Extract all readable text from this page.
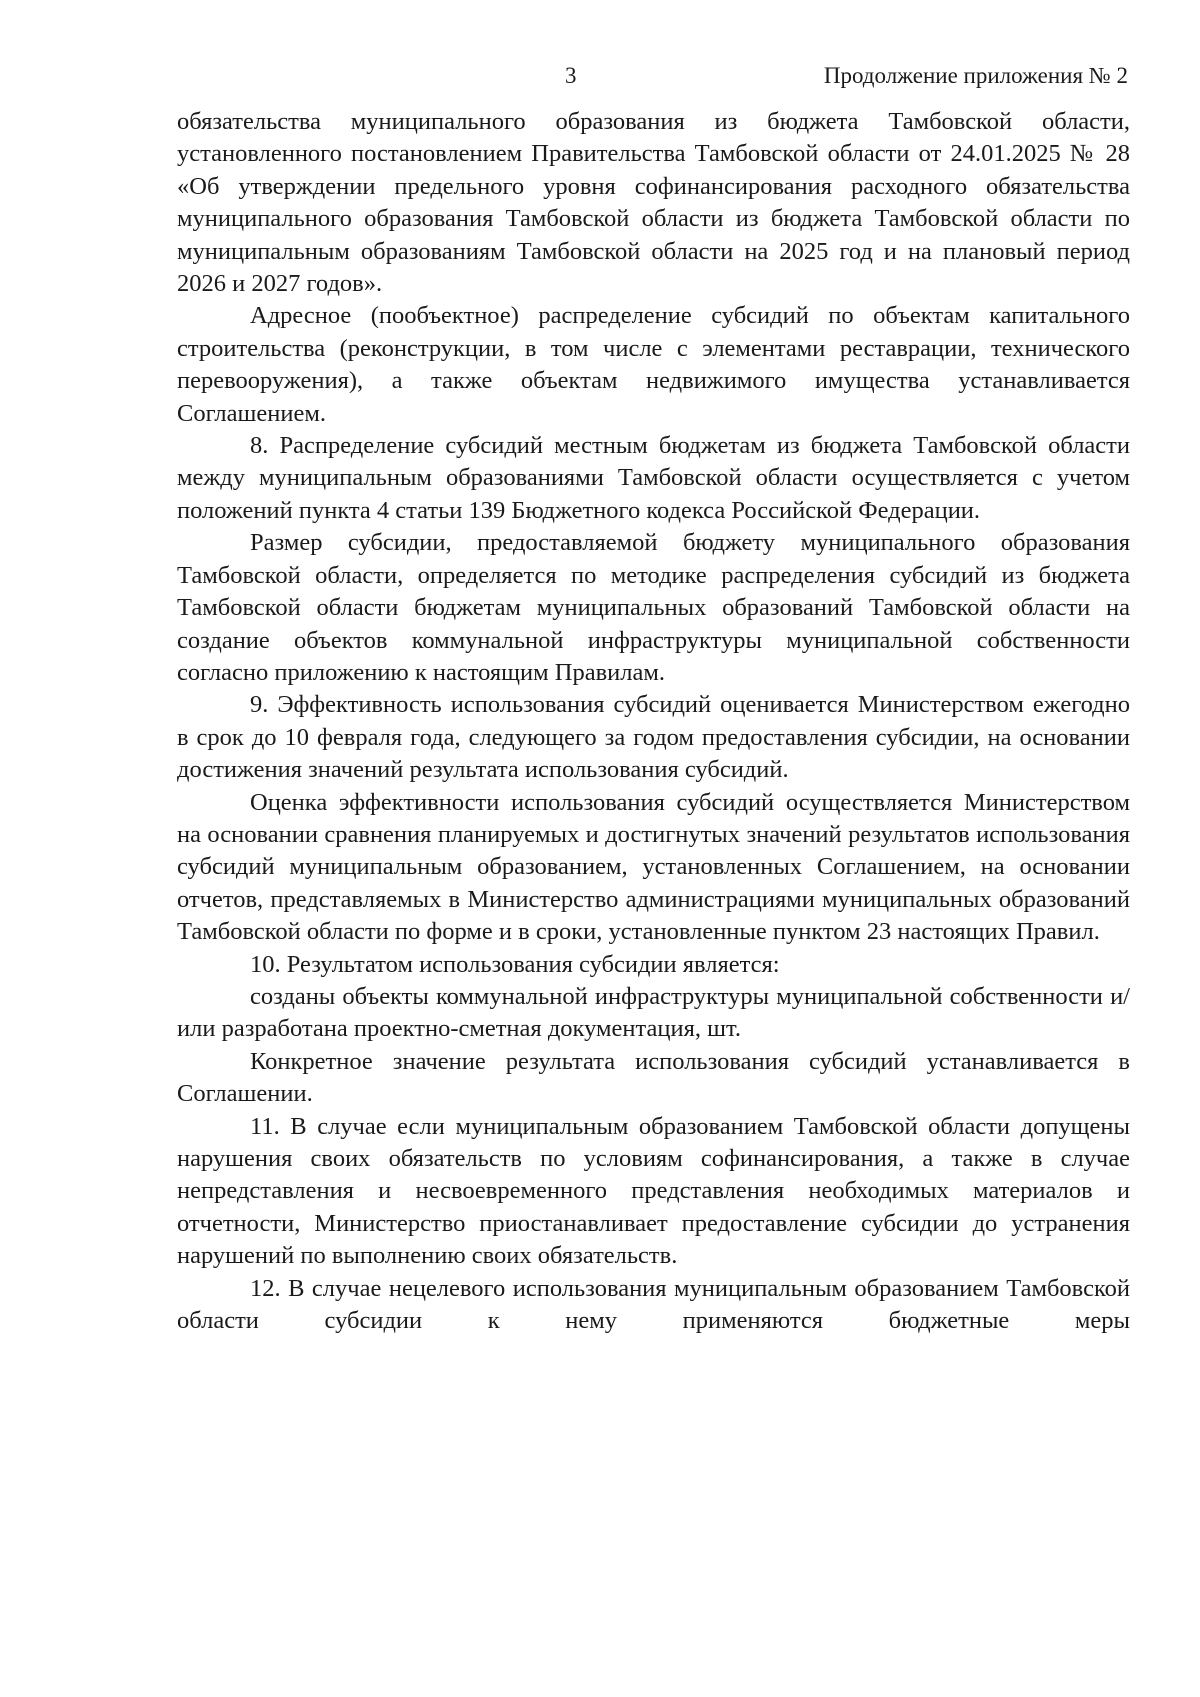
3	Продолжение приложения № 2

обязательства муниципального образования из бюджета Тамбовской области, установленного постановлением Правительства Тамбовской области от 24.01.2025 № 28 «Об утверждении предельного уровня софинансирования расходного обязательства муниципального образования Тамбовской области из бюджета Тамбовской области по муниципальным образованиям Тамбовской области на 2025 год и на плановый период 2026 и 2027 годов».

Адресное (пообъектное) распределение субсидий по объектам капитального строительства (реконструкции, в том числе с элементами реставрации, технического перевооружения), а также объектам недвижимого имущества устанавливается Соглашением.

8. Распределение субсидий местным бюджетам из бюджета Тамбовской области между муниципальным образованиями Тамбовской области осуществляется с учетом положений пункта 4 статьи 139 Бюджетного кодекса Российской Федерации.

Размер субсидии, предоставляемой бюджету муниципального образования Тамбовской области, определяется по методике распределения субсидий из бюджета Тамбовской области бюджетам муниципальных образований Тамбовской области на создание объектов коммунальной инфраструктуры муниципальной собственности согласно приложению к настоящим Правилам.

9. Эффективность использования субсидий оценивается Министерством ежегодно в срок до 10 февраля года, следующего за годом предоставления субсидии, на основании достижения значений результата использования субсидий.

Оценка эффективности использования субсидий осуществляется Министерством на основании сравнения планируемых и достигнутых значений результатов использования субсидий муниципальным образованием, установленных Соглашением, на основании отчетов, представляемых в Министерство администрациями муниципальных образований Тамбовской области по форме и в сроки, установленные пунктом 23 настоящих Правил.

10. Результатом использования субсидии является:

созданы объекты коммунальной инфраструктуры муниципальной собственности и/или разработана проектно-сметная документация, шт.

Конкретное значение результата использования субсидий устанавливается в Соглашении.

11. В случае если муниципальным образованием Тамбовской области допущены нарушения своих обязательств по условиям софинансирования, а также в случае непредставления и несвоевременного представления необходимых материалов и отчетности, Министерство приостанавливает предоставление субсидии до устранения нарушений по выполнению своих обязательств.

12. В случае нецелевого использования муниципальным образованием Тамбовской области субсидии к нему применяются бюджетные меры
